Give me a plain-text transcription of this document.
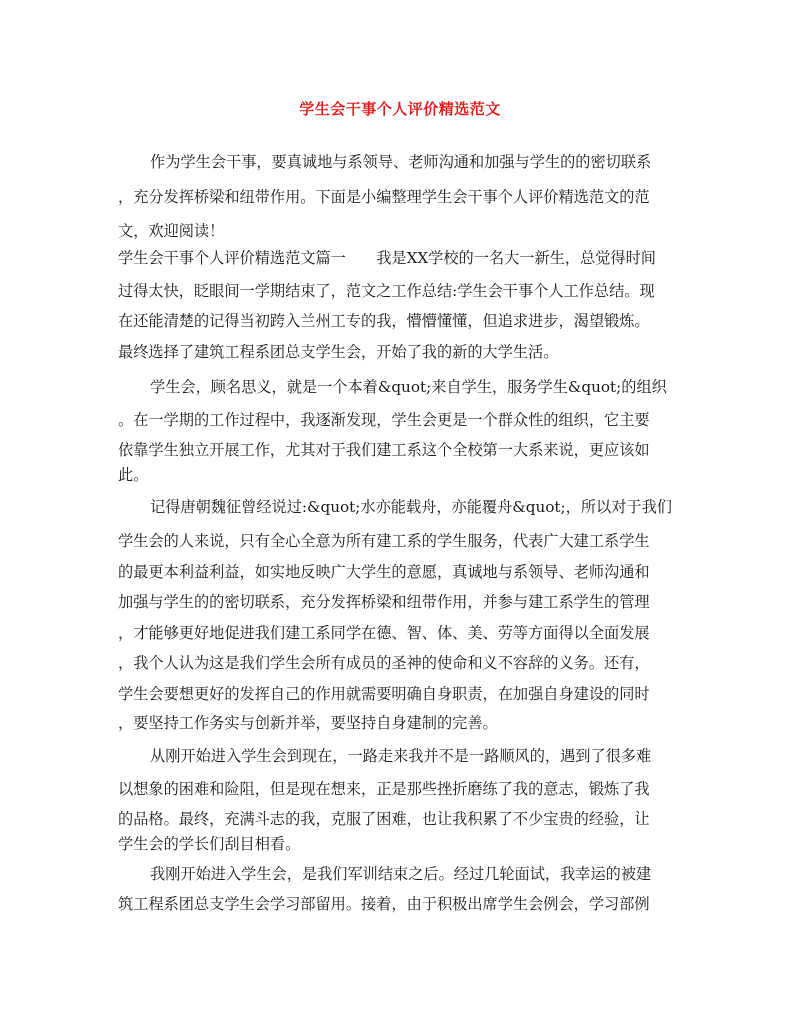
学生会干事个人评价精选范文
作为学生会干事，要真诚地与系领导、老师沟通和加强与学生的的密切联系
，充分发挥桥梁和纽带作用。下面是小编整理学生会干事个人评价精选范文的范
文，欢迎阅读！
学生会干事个人评价精选范文篇一　　我是XX学校的一名大一新生，总觉得时间
过得太快，眨眼间一学期结束了，范文之工作总结:学生会干事个人工作总结。现
在还能清楚的记得当初跨入兰州工专的我，懵懵懂懂，但追求进步，渴望锻炼。
最终选择了建筑工程系团总支学生会，开始了我的新的大学生活。
学生会，顾名思义，就是一个本着&quot;来自学生，服务学生&quot;的组织
。在一学期的工作过程中，我逐渐发现，学生会更是一个群众性的组织，它主要
依靠学生独立开展工作，尤其对于我们建工系这个全校第一大系来说，更应该如
此。
记得唐朝魏征曾经说过:&quot;水亦能载舟，亦能覆舟&quot;，所以对于我们
学生会的人来说，只有全心全意为所有建工系的学生服务，代表广大建工系学生
的最更本利益利益，如实地反映广大学生的意愿，真诚地与系领导、老师沟通和
加强与学生的的密切联系，充分发挥桥梁和纽带作用，并参与建工系学生的管理
，才能够更好地促进我们建工系同学在德、智、体、美、劳等方面得以全面发展
，我个人认为这是我们学生会所有成员的圣神的使命和义不容辞的义务。还有，
学生会要想更好的发挥自己的作用就需要明确自身职责，在加强自身建设的同时
，要坚持工作务实与创新并举，要坚持自身建制的完善。
从刚开始进入学生会到现在，一路走来我并不是一路顺风的，遇到了很多难
以想象的困难和险阻，但是现在想来，正是那些挫折磨练了我的意志，锻炼了我
的品格。最终，充满斗志的我，克服了困难，也让我积累了不少宝贵的经验，让
学生会的学长们刮目相看。
我刚开始进入学生会，是我们军训结束之后。经过几轮面试，我幸运的被建
筑工程系团总支学生会学习部留用。接着，由于积极出席学生会例会，学习部例
